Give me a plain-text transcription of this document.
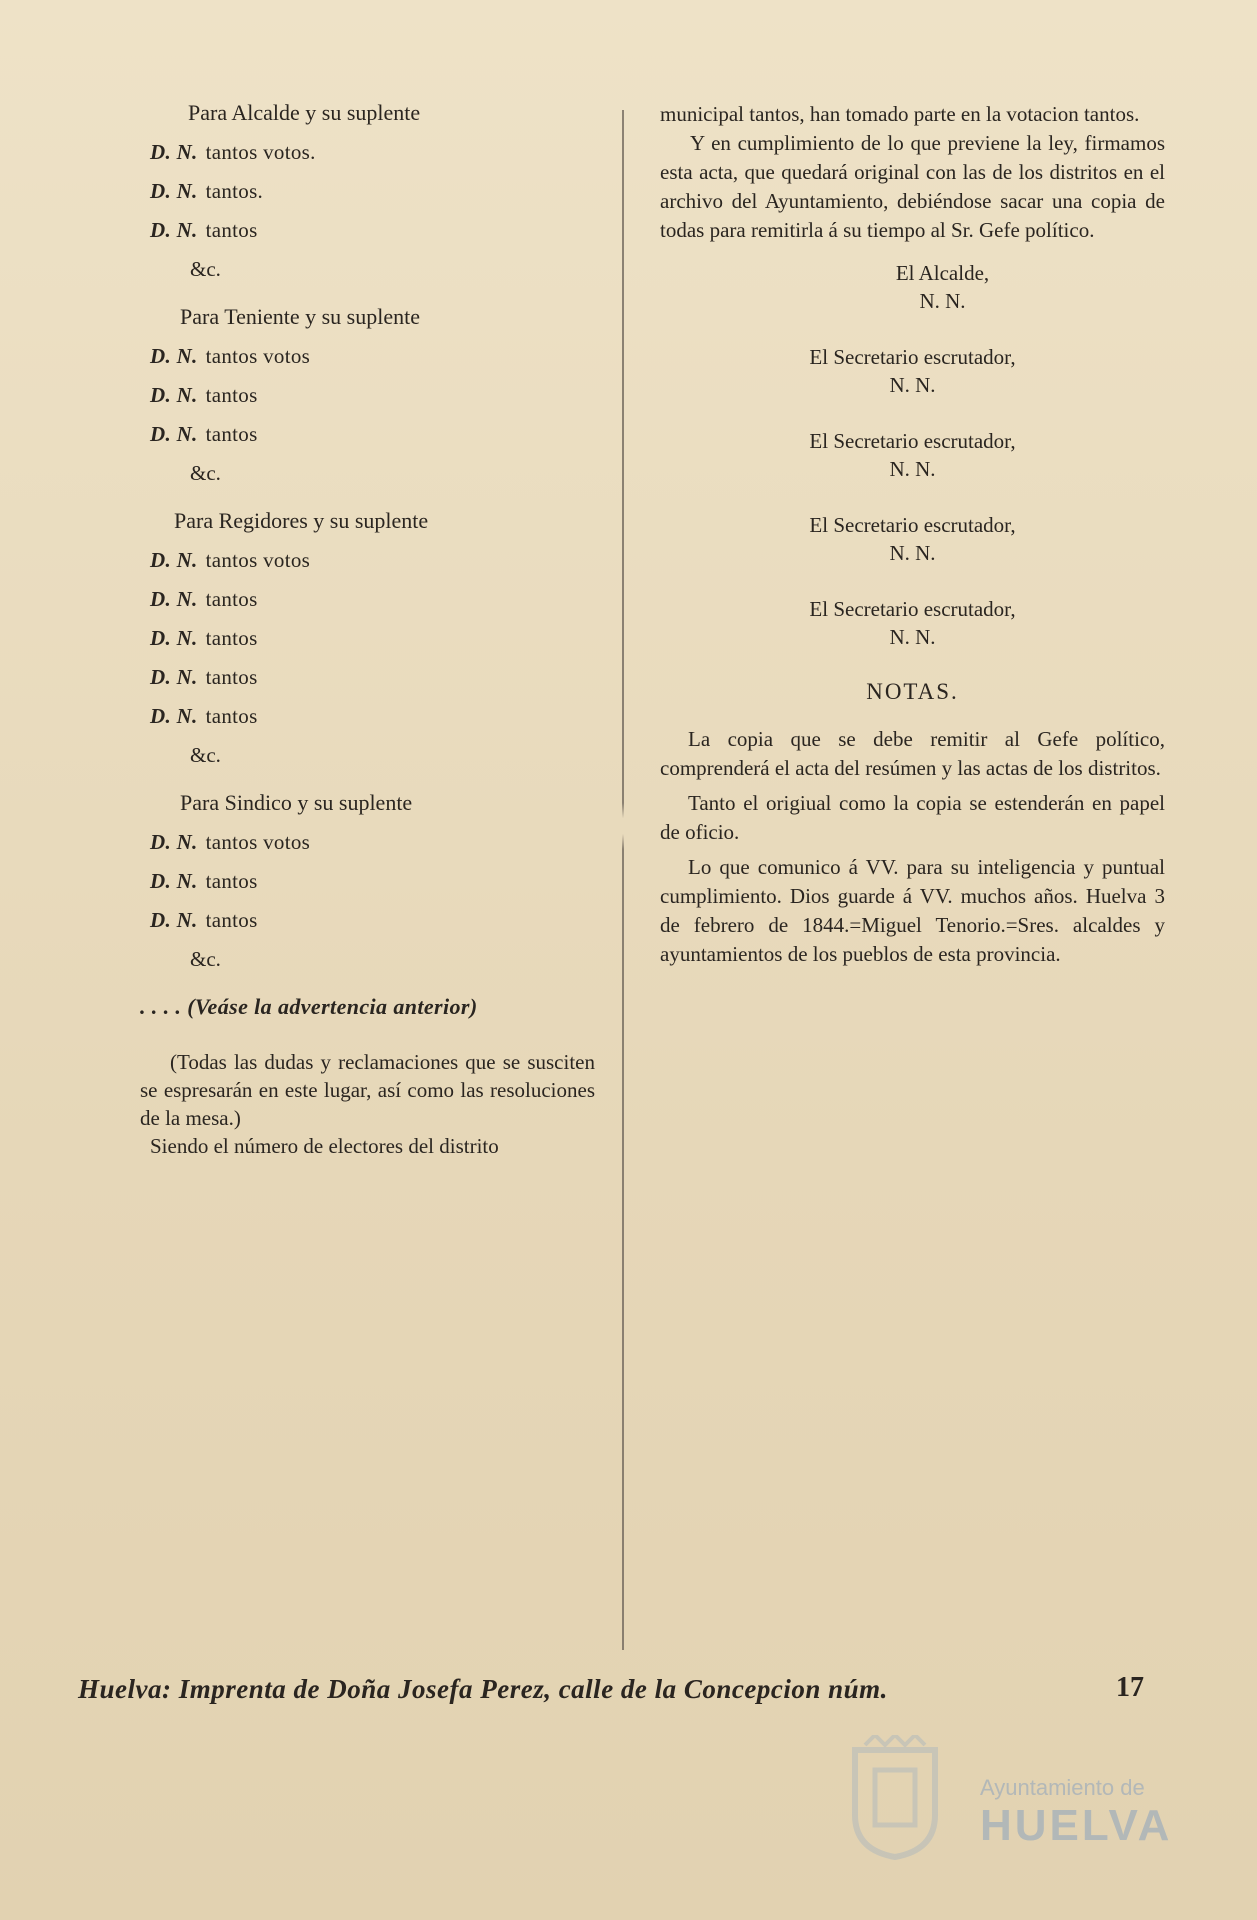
Para Alcalde y su suplente
D. N. tantos votos.
D. N. tantos.
D. N. tantos
&c.
Para Teniente y su suplente
D. N. tantos votos
D. N. tantos
D. N. tantos
&c.
Para Regidores y su suplente
D. N. tantos votos
D. N. tantos
D. N. tantos
D. N. tantos
D. N. tantos
&c.
Para Sindico y su suplente
D. N. tantos votos
D. N. tantos
D. N. tantos
&c.
. . . . (Veáse la advertencia anterior)

(Todas las dudas y reclamaciones que se susciten se espresarán en este lugar, así como las resoluciones de la mesa.)

Siendo el número de electores del distrito

municipal tantos, han tomado parte en la votacion tantos.

Y en cumplimiento de lo que previene la ley, firmamos esta acta, que quedará original con las de los distritos en el archivo del Ayuntamiento, debiéndose sacar una copia de todas para remitirla á su tiempo al Sr. Gefe político.

El Alcalde,
N. N.
El Secretario escrutador,
N. N.
El Secretario escrutador,
N. N.
El Secretario escrutador,
N. N.
El Secretario escrutador,
N. N.
NOTAS.

La copia que se debe remitir al Gefe político, comprenderá el acta del resúmen y las actas de los distritos.

Tanto el origiual como la copia se estenderán en papel de oficio.

Lo que comunico á VV. para su inteligencia y puntual cumplimiento. Dios guarde á VV. muchos años. Huelva 3 de febrero de 1844.=Miguel Tenorio.=Sres. alcaldes y ayuntamientos de los pueblos de esta provincia.

Huelva: Imprenta de Doña Josefa Perez, calle de la Concepcion núm.	17
Ayuntamiento de
HUELVA
